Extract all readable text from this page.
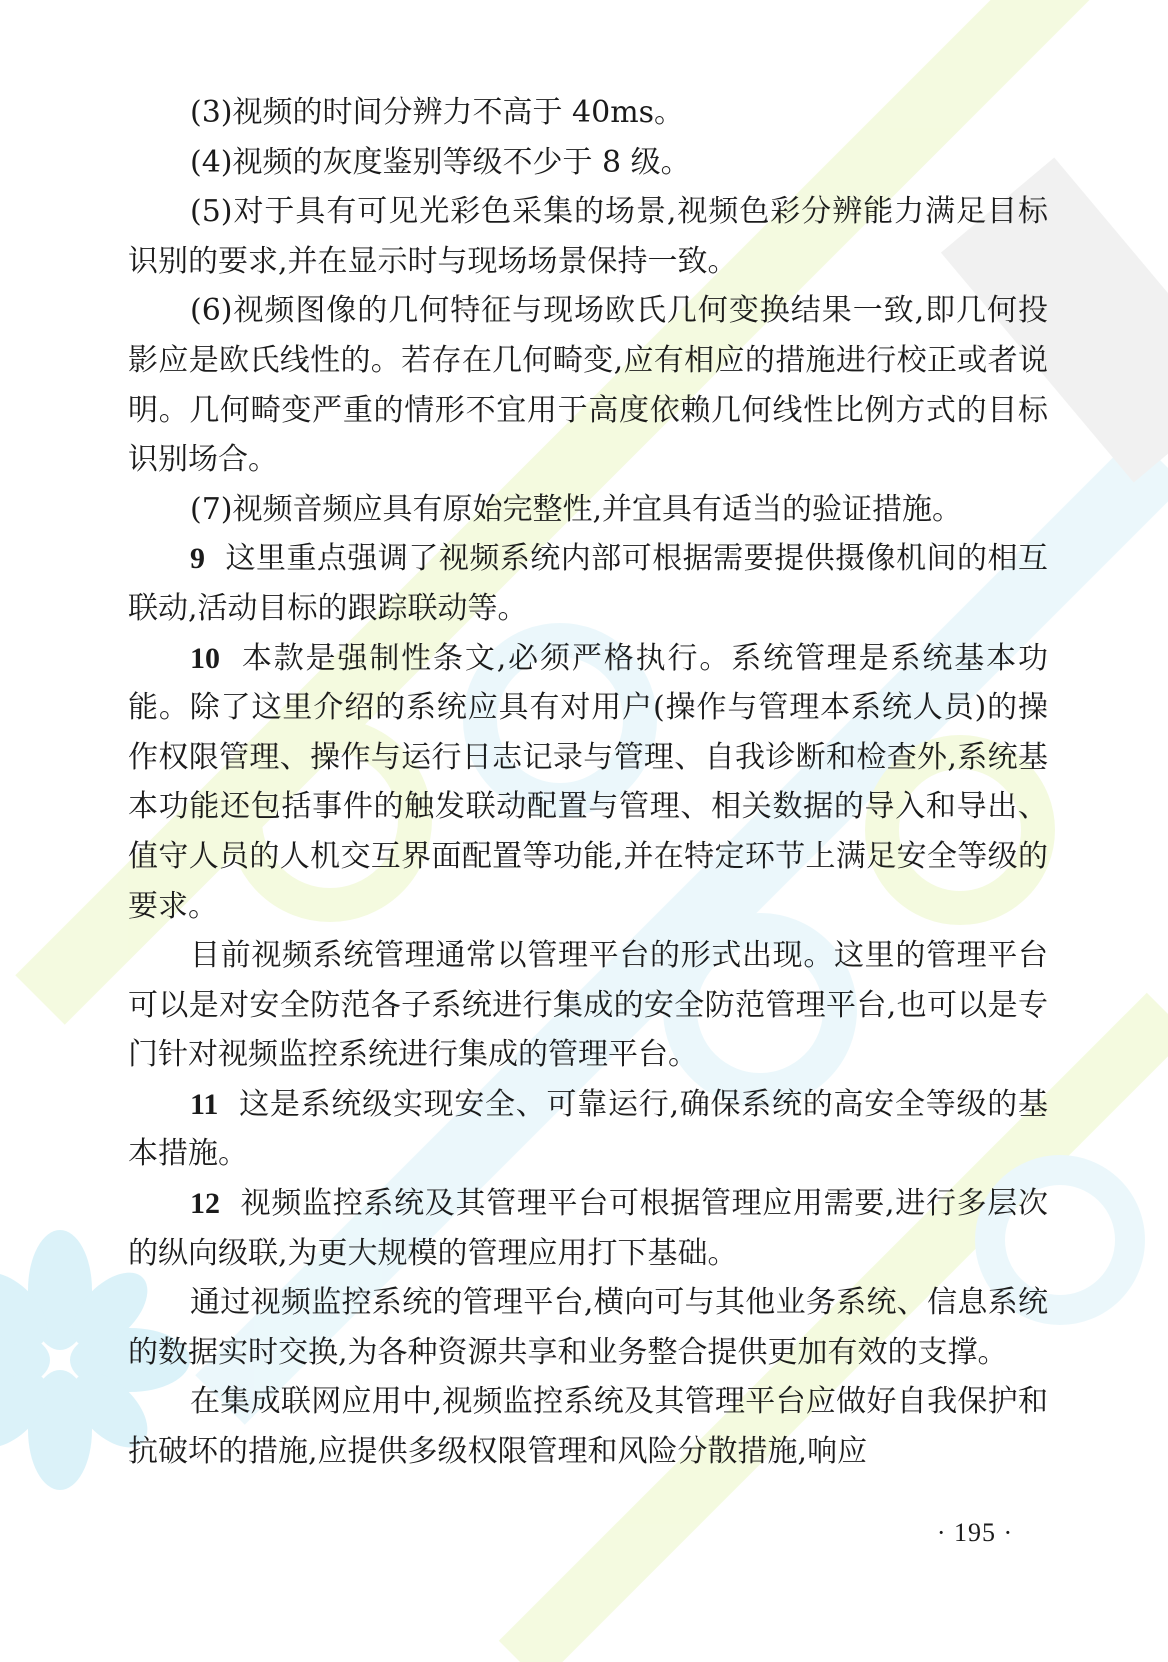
(3)视频的时间分辨力不高于 40ms。

(4)视频的灰度鉴别等级不少于 8 级。

(5)对于具有可见光彩色采集的场景,视频色彩分辨能力满足目标识别的要求,并在显示时与现场场景保持一致。

(6)视频图像的几何特征与现场欧氏几何变换结果一致,即几何投影应是欧氏线性的。若存在几何畸变,应有相应的措施进行校正或者说明。几何畸变严重的情形不宜用于高度依赖几何线性比例方式的目标识别场合。

(7)视频音频应具有原始完整性,并宜具有适当的验证措施。

9 这里重点强调了视频系统内部可根据需要提供摄像机间的相互联动,活动目标的跟踪联动等。

10 本款是强制性条文,必须严格执行。系统管理是系统基本功能。除了这里介绍的系统应具有对用户(操作与管理本系统人员)的操作权限管理、操作与运行日志记录与管理、自我诊断和检查外,系统基本功能还包括事件的触发联动配置与管理、相关数据的导入和导出、值守人员的人机交互界面配置等功能,并在特定环节上满足安全等级的要求。

目前视频系统管理通常以管理平台的形式出现。这里的管理平台可以是对安全防范各子系统进行集成的安全防范管理平台,也可以是专门针对视频监控系统进行集成的管理平台。

11 这是系统级实现安全、可靠运行,确保系统的高安全等级的基本措施。

12 视频监控系统及其管理平台可根据管理应用需要,进行多层次的纵向级联,为更大规模的管理应用打下基础。

通过视频监控系统的管理平台,横向可与其他业务系统、信息系统的数据实时交换,为各种资源共享和业务整合提供更加有效的支撑。

在集成联网应用中,视频监控系统及其管理平台应做好自我保护和抗破坏的措施,应提供多级权限管理和风险分散措施,响应

· 195 ·
